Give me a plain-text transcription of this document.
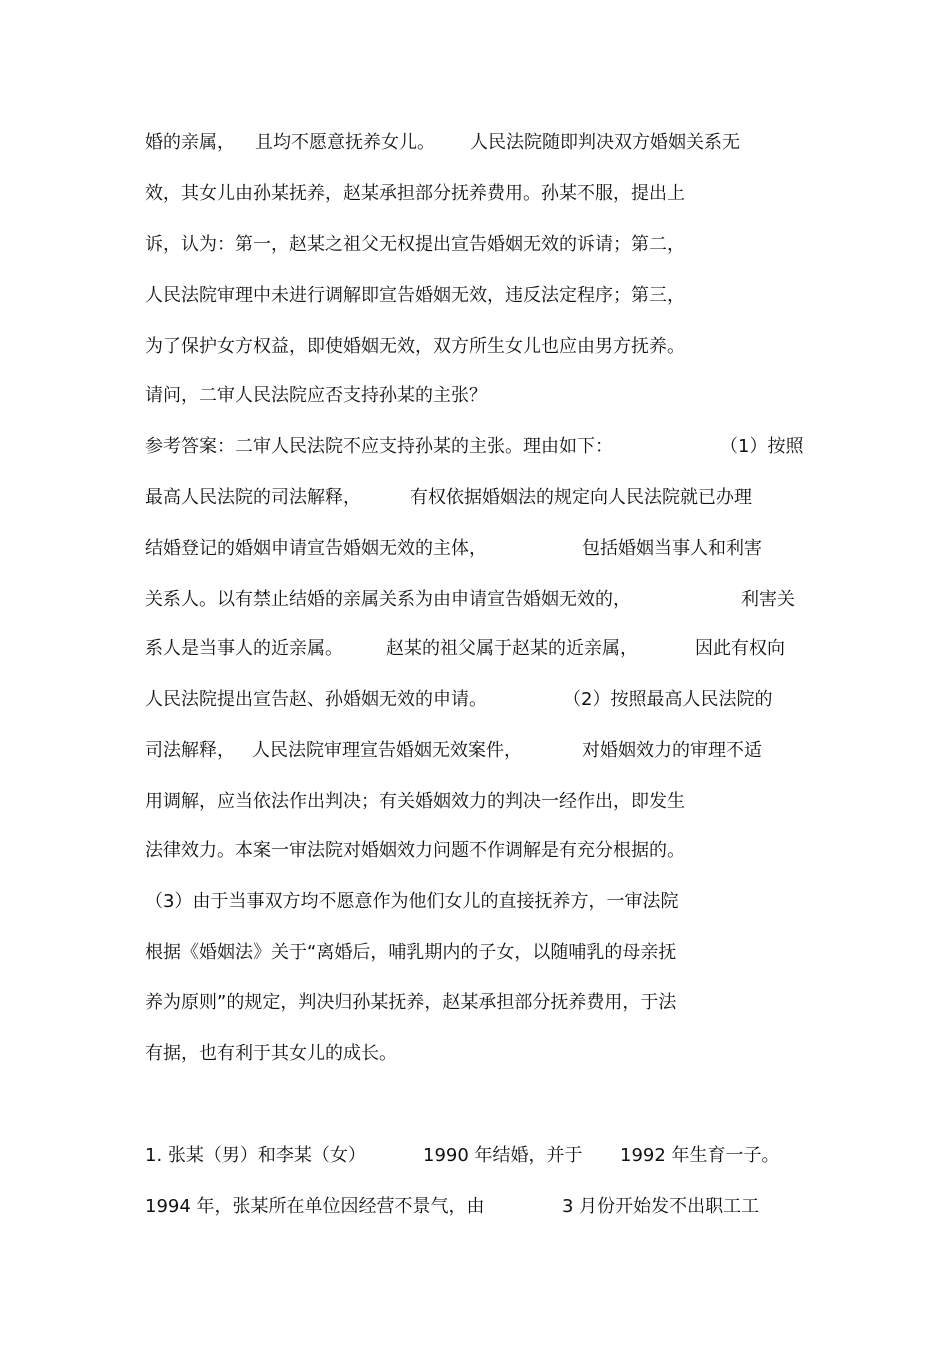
婚的亲属，	且均不愿意抚养女儿。	人民法院随即判决双方婚姻关系无
效，其女儿由孙某抚养，赵某承担部分抚养费用。孙某不服，提出上
诉，认为：第一，赵某之祖父无权提出宣告婚姻无效的诉请；第二，
人民法院审理中未进行调解即宣告婚姻无效，违反法定程序；第三，
为了保护女方权益，即使婚姻无效，双方所生女儿也应由男方抚养。
请问，二审人民法院应否支持孙某的主张？
参考答案：二审人民法院不应支持孙某的主张。理由如下：	（1）按照
最高人民法院的司法解释，	有权依据婚姻法的规定向人民法院就已办理
结婚登记的婚姻申请宣告婚姻无效的主体，	包括婚姻当事人和利害
关系人。以有禁止结婚的亲属关系为由申请宣告婚姻无效的，	利害关
系人是当事人的近亲属。	赵某的祖父属于赵某的近亲属，	因此有权向
人民法院提出宣告赵、孙婚姻无效的申请。	（2）按照最高人民法院的
司法解释， 人民法院审理宣告婚姻无效案件，	对婚姻效力的审理不适
用调解，应当依法作出判决；有关婚姻效力的判决一经作出，即发生
法律效力。本案一审法院对婚姻效力问题不作调解是有充分根据的。
（3）由于当事双方均不愿意作为他们女儿的直接抚养方，一审法院
根据《婚姻法》关于“离婚后，哺乳期内的子女，以随哺乳的母亲抚
养为原则”的规定，判决归孙某抚养，赵某承担部分抚养费用，于法
有据，也有利于其女儿的成长。
1. 张某（男）和李某（女）	1990 年结婚，并于	1992 年生育一子。
1994 年，张某所在单位因经营不景气，由	3 月份开始发不出职工工
